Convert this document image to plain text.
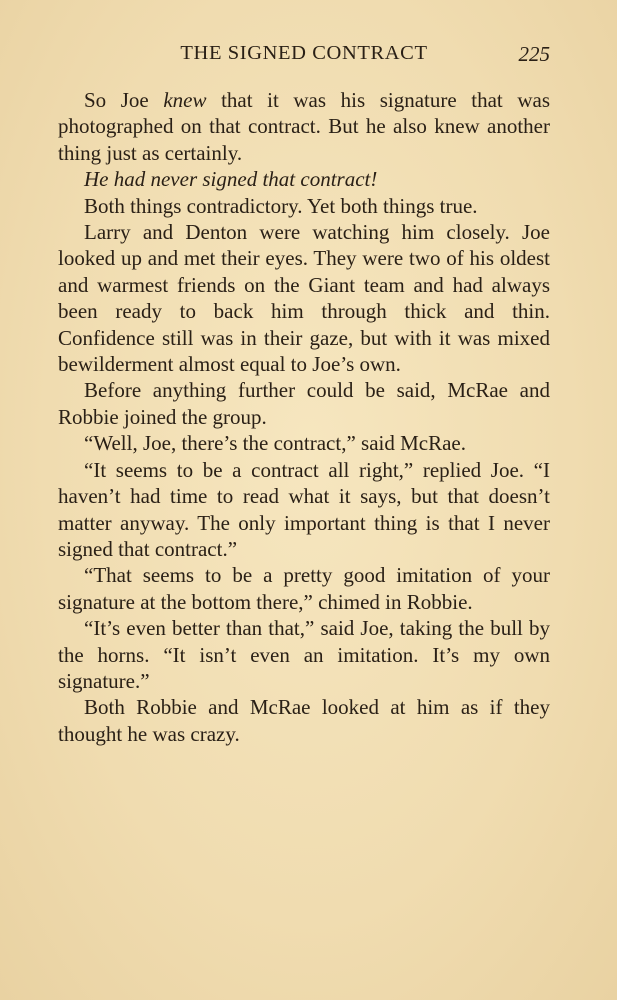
THE SIGNED CONTRACT	225

So Joe knew that it was his signature that was photographed on that contract. But he also knew another thing just as certainly.

He had never signed that contract!

Both things contradictory. Yet both things true.

Larry and Denton were watching him closely. Joe looked up and met their eyes. They were two of his oldest and warmest friends on the Giant team and had always been ready to back him through thick and thin. Confidence still was in their gaze, but with it was mixed bewilderment almost equal to Joe’s own.

Before anything further could be said, McRae and Robbie joined the group.

“Well, Joe, there’s the contract,” said McRae.

“It seems to be a contract all right,” replied Joe. “I haven’t had time to read what it says, but that doesn’t matter anyway. The only important thing is that I never signed that contract.”

“That seems to be a pretty good imitation of your signature at the bottom there,” chimed in Robbie.

“It’s even better than that,” said Joe, taking the bull by the horns. “It isn’t even an imitation. It’s my own signature.”

Both Robbie and McRae looked at him as if they thought he was crazy.
